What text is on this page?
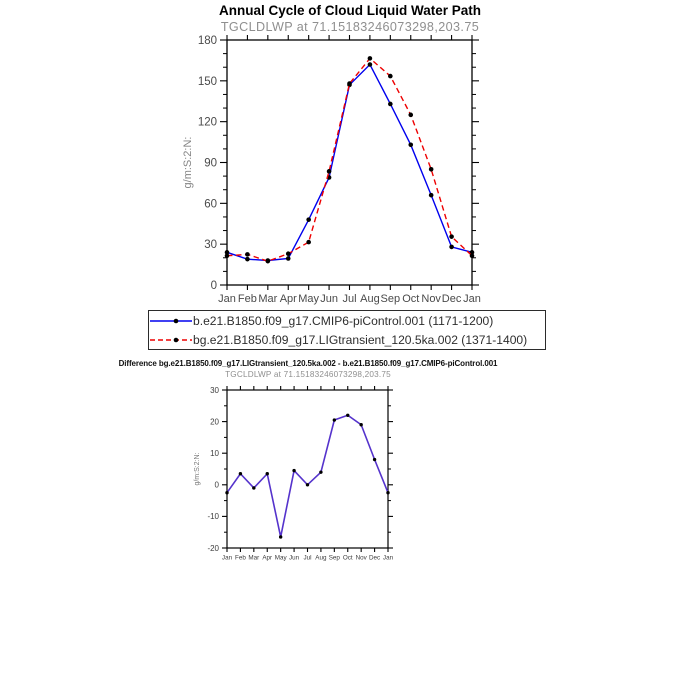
Annual Cycle of Cloud Liquid Water Path
TGCLDLWP at 71.15183246073298,203.75
0
30
60
90
120
150
180
Jan Feb Mar Apr May Jun Jul Aug Sep Oct Nov Dec Jan
g/m:S:2:N:
-20
-10
0
10
20
30
Jan Feb Mar Apr May Jun Jul Aug Sep Oct Nov Dec Jan
g/m:S:2:N:
b.e21.B1850.f09_g17.CMIP6-piControl.001 (1171-1200)
bg.e21.B1850.f09_g17.LIGtransient_120.5ka.002 (1371-1400)
Difference bg.e21.B1850.f09_g17.LIGtransient_120.5ka.002 - b.e21.B1850.f09_g17.CMIP6-piControl.001
TGCLDLWP at 71.15183246073298,203.75
